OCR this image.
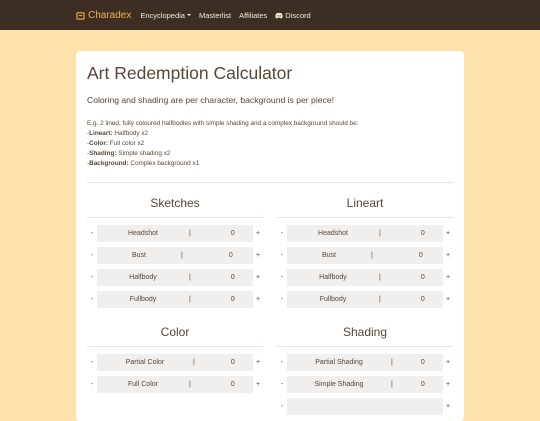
Charadex Encyclopedia Masterlist Affiliates Discord
Art Redemption Calculator
Coloring and shading are per character, background is per piece!
E.g. 2 lined, fully coloured halfbodies with simple shading and a complex background should be:
-Lineart: Halfbody x2
-Color: Full color x2
-Shading: Simple shading x2
-Background: Complex background x1
Sketches	Lineart
-	Headshot	|	0	+
-	Bust	|	0	+
-	Halfbody	|	0	+
-	Fullbody	|	0	+
-	Headshot	|	0	+
-	Bust	|	0	+
-	Halfbody	|	0	+
-	Fullbody	|	0	+
Color	Shading
-	Partial Color	|	0	+
-	Full Color	|	0	+
-	Partial Shading	|	0	+
-	Simple Shading	|	0	+
-	+
